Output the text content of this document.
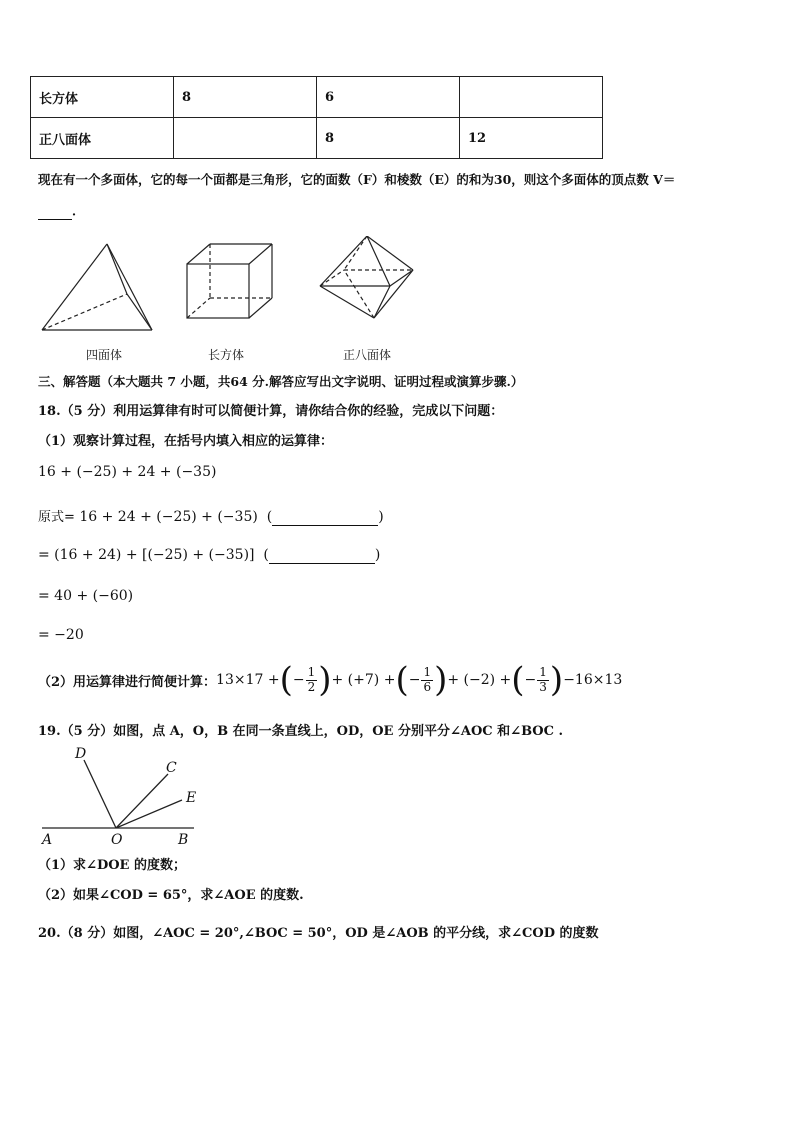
长方体	8	6	
正八面体		8	12
现在有一个多面体，它的每一个面都是三角形，它的面数（F）和棱数（E）的和为30，则这个多面体的顶点数 V＝
．
四面体	长方体	正八面体
三、解答题（本大题共 7 小题，共64 分.解答应写出文字说明、证明过程或演算步骤.）
18.（5 分）利用运算律有时可以简便计算，请你结合你的经验，完成以下问题：
（1）观察计算过程，在括号内填入相应的运算律：
16 + (−25) + 24 + (−35)
原式= 16 + 24 + (−25) + (−35)  (	)
= (16 + 24) + [(−25) + (−35)]  (	)
= 40 + (−60)
= −20
（2）用运算律进行简便计算： 13×17 + ( − $\frac{1}{2}$ ) + (+7) + ( − $\frac{1}{6}$ ) + (−2) + ( − $\frac{1}{3}$ ) −16×13
19.（5 分）如图，点 A，O，B 在同一条直线上，OD，OE 分别平分∠AOC 和∠BOC .
D
C
E
A	O	B
（1）求∠DOE 的度数；
（2）如果∠COD = 65°，求∠AOE 的度数.
20.（8 分）如图，∠AOC = 20°,∠BOC = 50°，OD 是∠AOB 的平分线，求∠COD 的度数
